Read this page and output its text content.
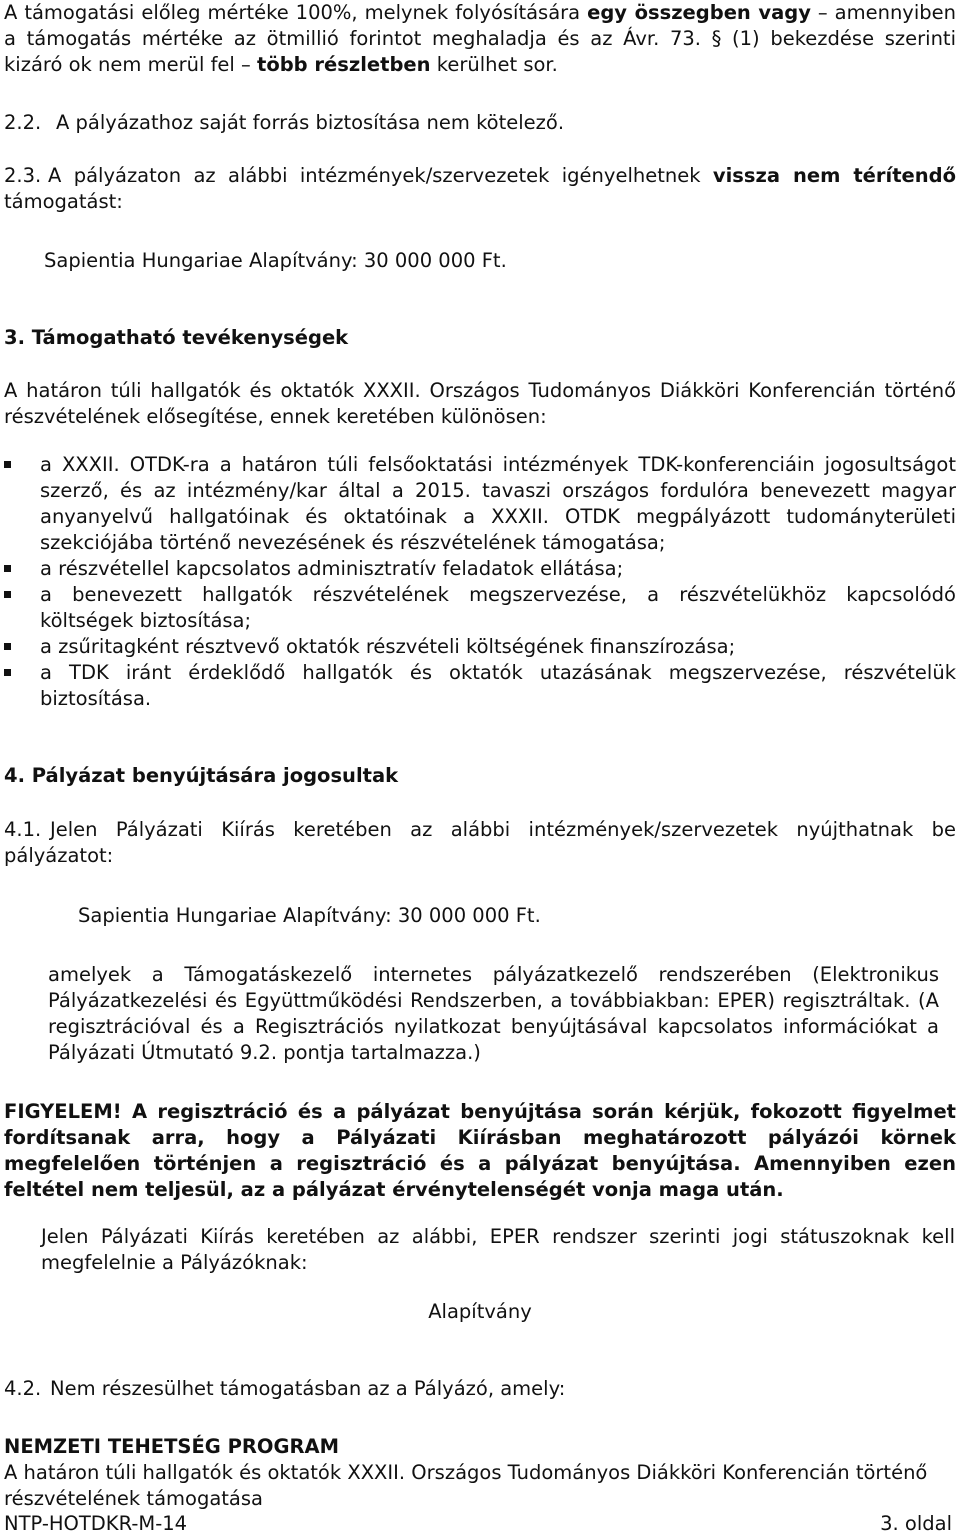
A támogatási előleg mértéke 100%, melynek folyósítására egy összegben vagy – amennyiben a támogatás mértéke az ötmillió forintot meghaladja és az Ávr. 73. § (1) bekezdése szerinti kizáró ok nem merül fel – több részletben kerülhet sor.
2.2. A pályázathoz saját forrás biztosítása nem kötelező.
2.3. A pályázaton az alábbi intézmények/szervezetek igényelhetnek vissza nem térítendő támogatást:
Sapientia Hungariae Alapítvány: 30 000 000 Ft.
3. Támogatható tevékenységek
A határon túli hallgatók és oktatók XXXII. Országos Tudományos Diákköri Konferencián történő részvételének elősegítése, ennek keretében különösen:
a XXXII. OTDK-ra a határon túli felsőoktatási intézmények TDK-konferenciáin jogosultságot szerző, és az intézmény/kar által a 2015. tavaszi országos fordulóra benevezett magyar anyanyelvű hallgatóinak és oktatóinak a XXXII. OTDK megpályázott tudományterületi szekciójába történő nevezésének és részvételének támogatása;
a részvétellel kapcsolatos adminisztratív feladatok ellátása;
a benevezett hallgatók részvételének megszervezése, a részvételükhöz kapcsolódó költségek biztosítása;
a zsűritagként résztvevő oktatók részvételi költségének finanszírozása;
a TDK iránt érdeklődő hallgatók és oktatók utazásának megszervezése, részvételük biztosítása.
4. Pályázat benyújtására jogosultak
4.1. Jelen Pályázati Kiírás keretében az alábbi intézmények/szervezetek nyújthatnak be pályázatot:
Sapientia Hungariae Alapítvány: 30 000 000 Ft.
amelyek a Támogatáskezelő internetes pályázatkezelő rendszerében (Elektronikus Pályázatkezelési és Együttműködési Rendszerben, a továbbiakban: EPER) regisztráltak. (A regisztrációval és a Regisztrációs nyilatkozat benyújtásával kapcsolatos információkat a Pályázati Útmutató 9.2. pontja tartalmazza.)
FIGYELEM! A regisztráció és a pályázat benyújtása során kérjük, fokozott figyelmet fordítsanak arra, hogy a Pályázati Kiírásban meghatározott pályázói körnek megfelelően történjen a regisztráció és a pályázat benyújtása. Amennyiben ezen feltétel nem teljesül, az a pályázat érvénytelenségét vonja maga után.
Jelen Pályázati Kiírás keretében az alábbi, EPER rendszer szerinti jogi státuszoknak kell megfelelnie a Pályázóknak:
Alapítvány
4.2. Nem részesülhet támogatásban az a Pályázó, amely:
NEMZETI TEHETSÉG PROGRAM
A határon túli hallgatók és oktatók XXXII. Országos Tudományos Diákköri Konferencián történő részvételének támogatása
NTP-HOTDKR-M-14	3. oldal
